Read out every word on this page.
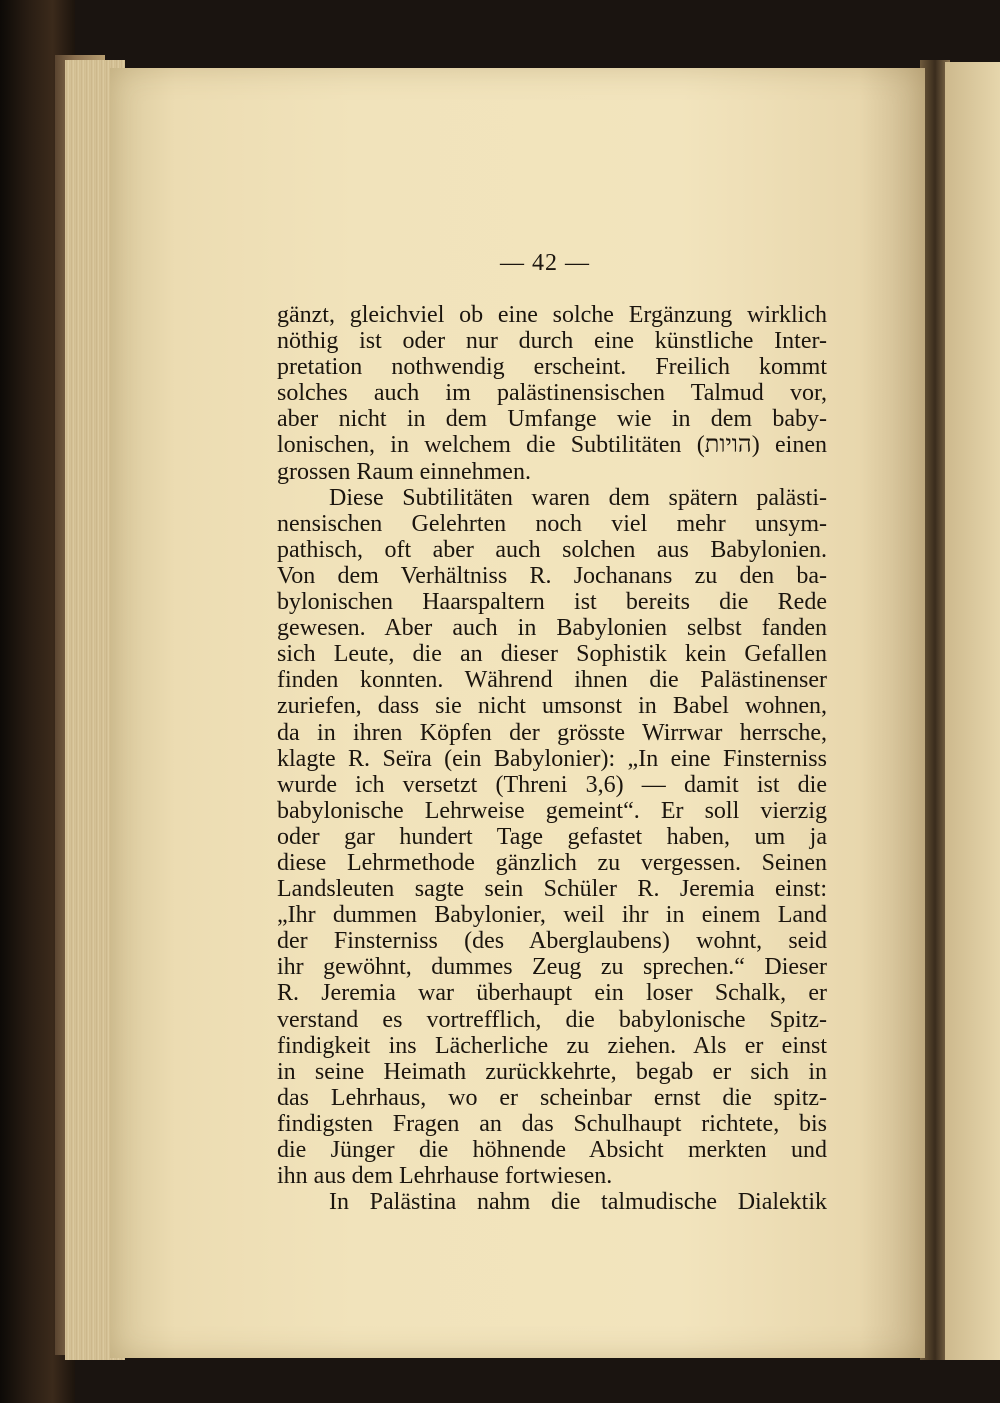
— 42 —
gänzt, gleichviel ob eine solche Ergänzung wirklich
nöthig ist oder nur durch eine künstliche Inter-
pretation nothwendig erscheint. Freilich kommt
solches auch im palästinensischen Talmud vor,
aber nicht in dem Umfange wie in dem baby-
lonischen, in welchem die Subtilitäten (הויות) einen
grossen Raum einnehmen.
Diese Subtilitäten waren dem spätern palästi-
nensischen Gelehrten noch viel mehr unsym-
pathisch, oft aber auch solchen aus Babylonien.
Von dem Verhältniss R. Jochanans zu den ba-
bylonischen Haarspaltern ist bereits die Rede
gewesen. Aber auch in Babylonien selbst fanden
sich Leute, die an dieser Sophistik kein Gefallen
finden konnten. Während ihnen die Palästinenser
zuriefen, dass sie nicht umsonst in Babel wohnen,
da in ihren Köpfen der grösste Wirrwar herrsche,
klagte R. Seïra (ein Babylonier): „In eine Finsterniss
wurde ich versetzt (Threni 3,6) — damit ist die
babylonische Lehrweise gemeint“. Er soll vierzig
oder gar hundert Tage gefastet haben, um ja
diese Lehrmethode gänzlich zu vergessen. Seinen
Landsleuten sagte sein Schüler R. Jeremia einst:
„Ihr dummen Babylonier, weil ihr in einem Land
der Finsterniss (des Aberglaubens) wohnt, seid
ihr gewöhnt, dummes Zeug zu sprechen.“ Dieser
R. Jeremia war überhaupt ein loser Schalk, er
verstand es vortrefflich, die babylonische Spitz-
findigkeit ins Lächerliche zu ziehen. Als er einst
in seine Heimath zurückkehrte, begab er sich in
das Lehrhaus, wo er scheinbar ernst die spitz-
findigsten Fragen an das Schulhaupt richtete, bis
die Jünger die höhnende Absicht merkten und
ihn aus dem Lehrhause fortwiesen.
In Palästina nahm die talmudische Dialektik
